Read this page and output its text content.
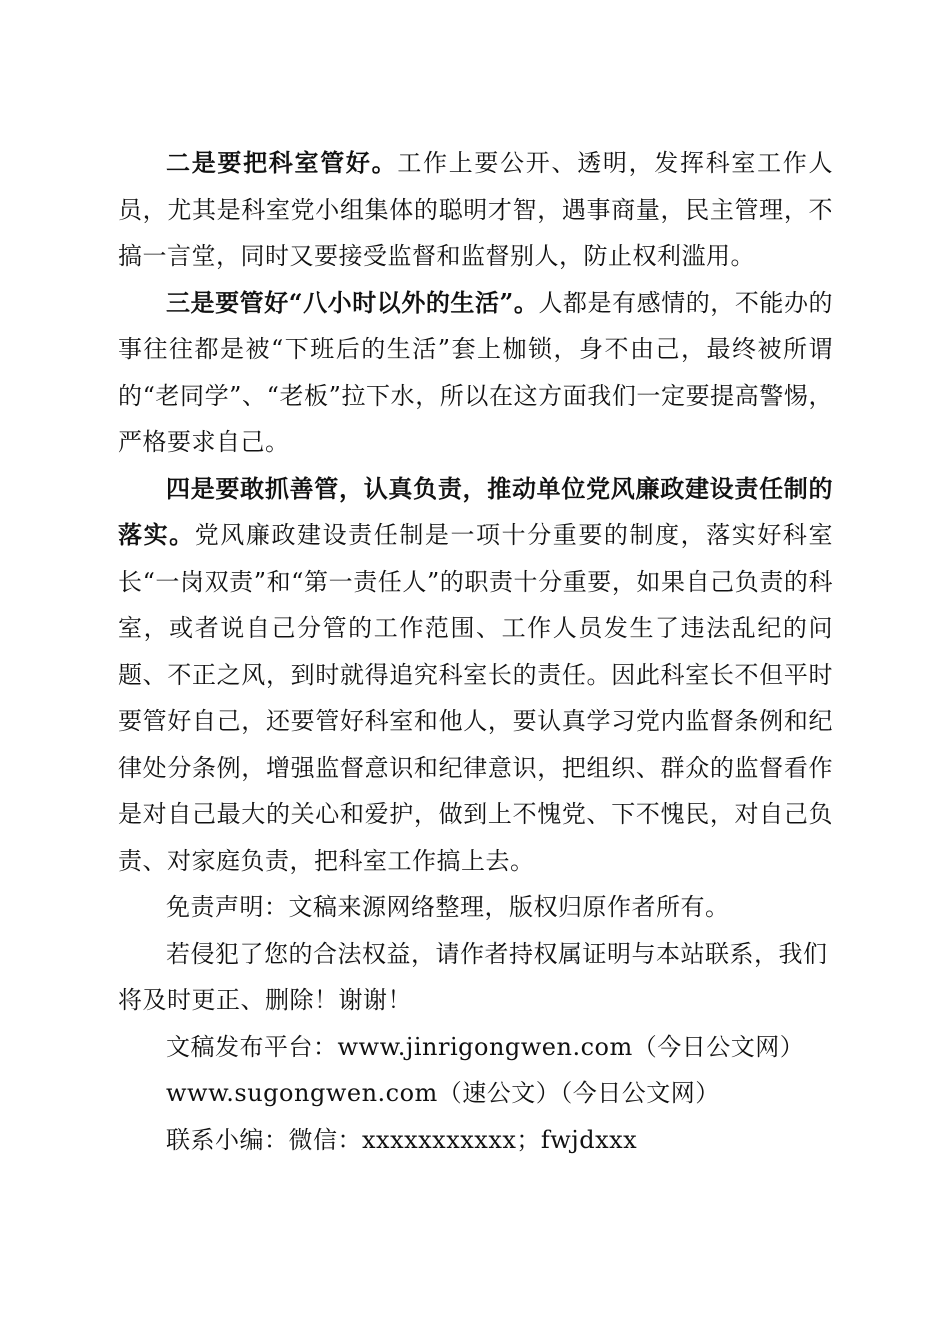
二是要把科室管好。工作上要公开、透明，发挥科室工作人员，尤其是科室党小组集体的聪明才智，遇事商量，民主管理，不搞一言堂，同时又要接受监督和监督别人，防止权利滥用。

三是要管好“八小时以外的生活”。人都是有感情的，不能办的事往往都是被“下班后的生活”套上枷锁，身不由己，最终被所谓的“老同学”、“老板”拉下水，所以在这方面我们一定要提高警惕，严格要求自己。

四是要敢抓善管，认真负责，推动单位党风廉政建设责任制的落实。党风廉政建设责任制是一项十分重要的制度，落实好科室长“一岗双责”和“第一责任人”的职责十分重要，如果自己负责的科室，或者说自己分管的工作范围、工作人员发生了违法乱纪的问题、不正之风，到时就得追究科室长的责任。因此科室长不但平时要管好自己，还要管好科室和他人，要认真学习党内监督条例和纪律处分条例，增强监督意识和纪律意识，把组织、群众的监督看作是对自己最大的关心和爱护，做到上不愧党、下不愧民，对自己负责、对家庭负责，把科室工作搞上去。

免责声明：文稿来源网络整理，版权归原作者所有。

若侵犯了您的合法权益，请作者持权属证明与本站联系，我们将及时更正、删除！谢谢！

文稿发布平台：www.jinrigongwen.com（今日公文网）

www.sugongwen.com（速公文）（今日公文网）

联系小编：微信：xxxxxxxxxxx；fwjdxxx
